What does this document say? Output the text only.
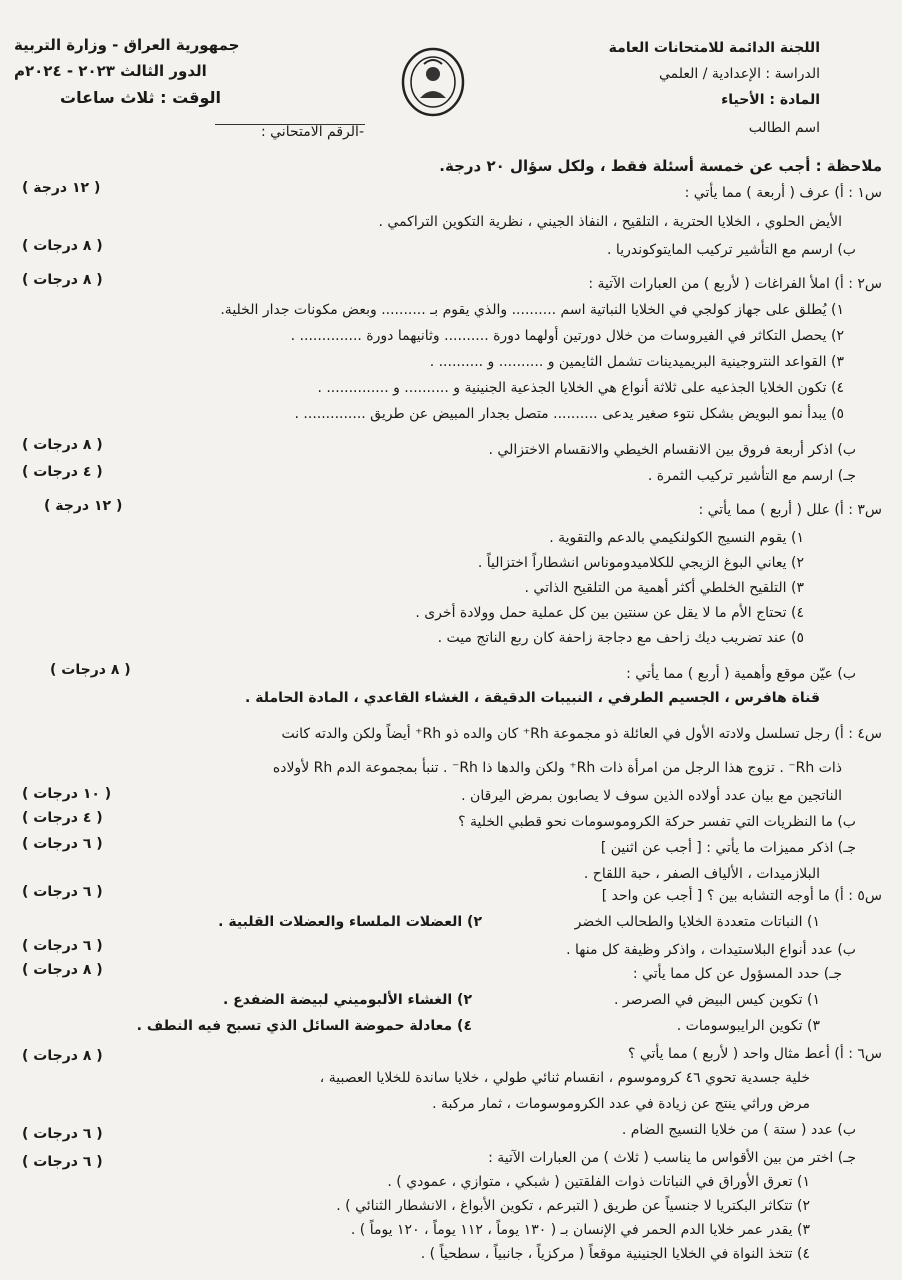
اللجنة الدائمة للامتحانات العامة
الدراسة : الإعدادية / العلمي
المادة : الأحياء
اسم الطالب
جمهورية العراق - وزارة التربية
الدور الثالث ٢٠٢٣ - ٢٠٢٤م
الوقت : ثلاث ساعات
-الرقم الامتحاني :
ملاحظة : أجب عن خمسة أسئلة فقط ، ولكل سؤال ٢٠ درجة.
س١ : أ) عرف ( أربعة ) مما يأتي :
( ١٢ درجة )
الأيض الحلوي ، الخلايا الحترية ، التلقيح ، النفاذ الجيني ، نظرية التكوين التراكمي .
ب) ارسم مع التأشير تركيب المايتوكوندريا .
( ٨ درجات )
س٢ : أ) املأ الفراغات ( لأربع ) من العبارات الآتية :
( ٨ درجات )
١) يُطلق على جهاز كولجي في الخلايا النباتية اسم .......... والذي يقوم بـ .......... وبعض مكونات جدار الخلية.
٢) يحصل التكاثر في الفيروسات من خلال دورتين أولهما دورة .......... وثانيهما دورة .............. .
٣) القواعد النتروجينية البريميدينات تشمل الثايمين و .......... و .......... .
٤) تكون الخلايا الجذعيه على ثلاثة أنواع هي الخلايا الجذعية الجنينية و .......... و .............. .
٥) يبدأ نمو البويض بشكل نتوء صغير يدعى .......... متصل بجدار المبيض عن طريق .............. .
ب) اذكر أربعة فروق بين الانقسام الخيطي والانقسام الاختزالي .
( ٨ درجات )
جـ) ارسم مع التأشير تركيب الثمرة .
( ٤ درجات )
س٣ : أ) علل ( أربع ) مما يأتي :
( ١٢ درجة )
١) يقوم النسيج الكولنكيمي بالدعم والتقوية .
٢) يعاني البوغ الزيجي للكلاميدوموناس انشطاراً اختزالياً .
٣) التلقيح الخلطي أكثر أهمية من التلقيح الذاتي .
٤) تحتاج الأم ما لا يقل عن سنتين بين كل عملية حمل وولادة أخرى .
٥) عند تضريب ديك زاحف مع دجاجة زاحفة كان ربع الناتج ميت .
ب) عيّن موقع وأهمية ( أربع ) مما يأتي :
( ٨ درجات )
قناة هافرس ، الجسيم الطرفي ، النبيبات الدقيقة ، الغشاء القاعدي ، المادة الحاملة .
س٤ : أ) رجل تسلسل ولادته الأول في العائلة ذو مجموعة Rh⁺ كان والده ذو Rh⁺ أيضاً ولكن والدته كانت
ذات Rh⁻ . تزوج هذا الرجل من امرأة ذات Rh⁺ ولكن والدها ذا Rh⁻ . تنبأ بمجموعة الدم Rh لأولاده
الناتجين مع بيان عدد أولاده الذين سوف لا يصابون بمرض اليرقان .
( ١٠ درجات )
ب) ما النظريات التي تفسر حركة الكروموسومات نحو قطبي الخلية ؟
( ٤ درجات )
جـ) اذكر مميزات ما يأتي : [ أجب عن اثنين ]
( ٦ درجات )
البلازميدات ، الألياف الصفر ، حبة اللقاح .
س٥ : أ) ما أوجه التشابه بين ؟ [ أجب عن واحد ]
( ٦ درجات )
١) النباتات متعددة الخلايا والطحالب الخضر
٢) العضلات الملساء والعضلات القلبية .
ب) عدد أنواع البلاستيدات ، واذكر وظيفة كل منها .
( ٦ درجات )
جـ) حدد المسؤول عن كل مما يأتي :
( ٨ درجات )
١) تكوين كيس البيض في الصرصر .
٢) الغشاء الألبوميني لبيضة الضفدع .
٣) تكوين الرايبوسومات .
٤) معادلة حموضة السائل الذي تسبح فيه النطف .
س٦ : أ) أعط مثال واحد ( لأربع ) مما يأتي ؟
( ٨ درجات )
خلية جسدية تحوي ٤٦ كروموسوم ، انقسام ثنائي طولي ، خلايا ساندة للخلايا العصبية ،
مرض وراثي ينتج عن زيادة في عدد الكروموسومات ، ثمار مركبة .
ب) عدد ( ستة ) من خلايا النسيج الضام .
( ٦ درجات )
جـ) اختر من بين الأقواس ما يناسب ( ثلاث ) من العبارات الآتية :
( ٦ درجات )
١) تعرق الأوراق في النباتات ذوات الفلقتين ( شبكي ، متوازي ، عمودي ) .
٢) تتكاثر البكتريا لا جنسياً عن طريق ( التبرعم ، تكوين الأبواغ ، الانشطار الثنائي ) .
٣) يقدر عمر خلايا الدم الحمر في الإنسان بـ ( ١٣٠ يوماً ، ١١٢ يوماً ، ١٢٠ يوماً ) .
٤) تتخذ النواة في الخلايا الجنينية موقعاً ( مركزياً ، جانبياً ، سطحياً ) .
